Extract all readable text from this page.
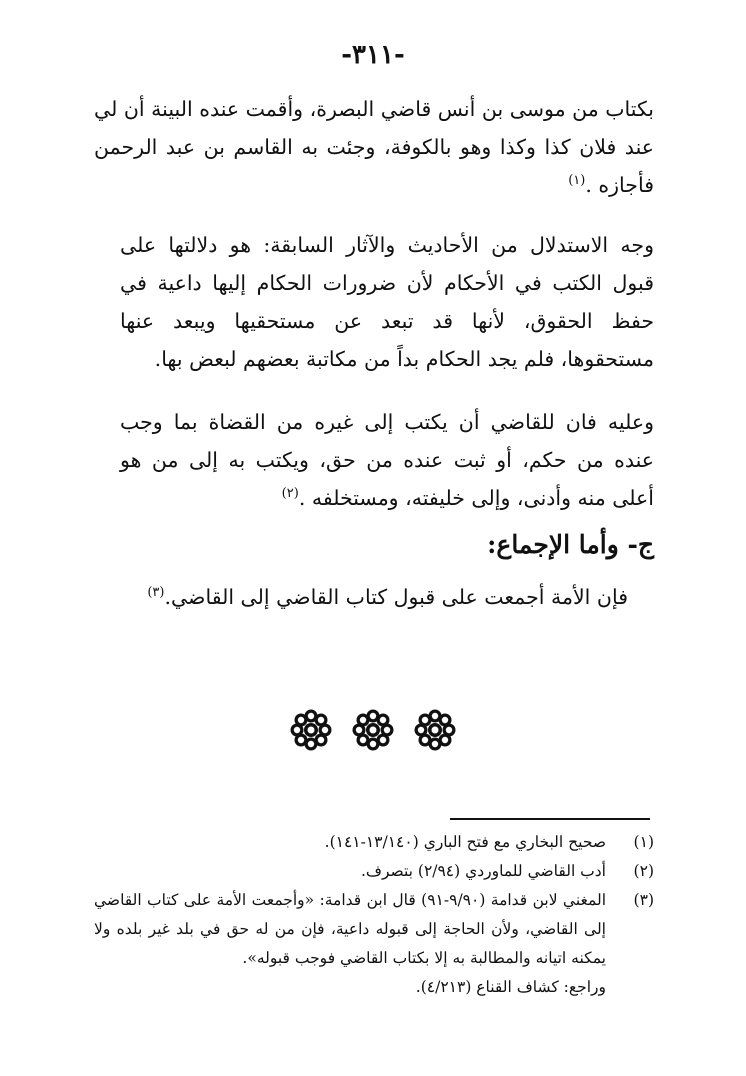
-٣١١-

بكتاب من موسى بن أنس قاضي البصرة، وأقمت عنده البينة أن لي عند فلان كذا وكذا وهو بالكوفة، وجئت به القاسم بن عبد الرحمن فأجازه .$^{(١)}$

وجه الاستدلال من الأحاديث والآثار السابقة: هو دلالتها على قبول الكتب في الأحكام لأن ضرورات الحكام إليها داعية في حفظ الحقوق، لأنها قد تبعد عن مستحقيها ويبعد عنها مستحقوها، فلم يجد الحكام بداً من مكاتبة بعضهم لبعض بها.

وعليه فان للقاضي أن يكتب إلى غيره من القضاة بما وجب عنده من حكم، أو ثبت عنده من حق، ويكتب به إلى من هو أعلى منه وأدنى، وإلى خليفته، ومستخلفه .$^{(٢)}$

ج- وأما الإجماع:

فإن الأمة أجمعت على قبول كتاب القاضي إلى القاضي.$^{(٣)}$

(١)
صحيح البخاري مع فتح الباري (١٣/١٤٠-١٤١).
(٢)
أدب القاضي للماوردي (٢/٩٤) بتصرف.
(٣)
المغني لابن قدامة (٩/٩٠-٩١) قال ابن قدامة: «وأجمعت الأمة على كتاب القاضي إلى القاضي، ولأن الحاجة إلى قبوله داعية، فإن من له حق في بلد غير بلده ولا يمكنه اتيانه والمطالبة به إلا بكتاب القاضي فوجب قبوله».
وراجع: كشاف القناع (٤/٢١٣).
